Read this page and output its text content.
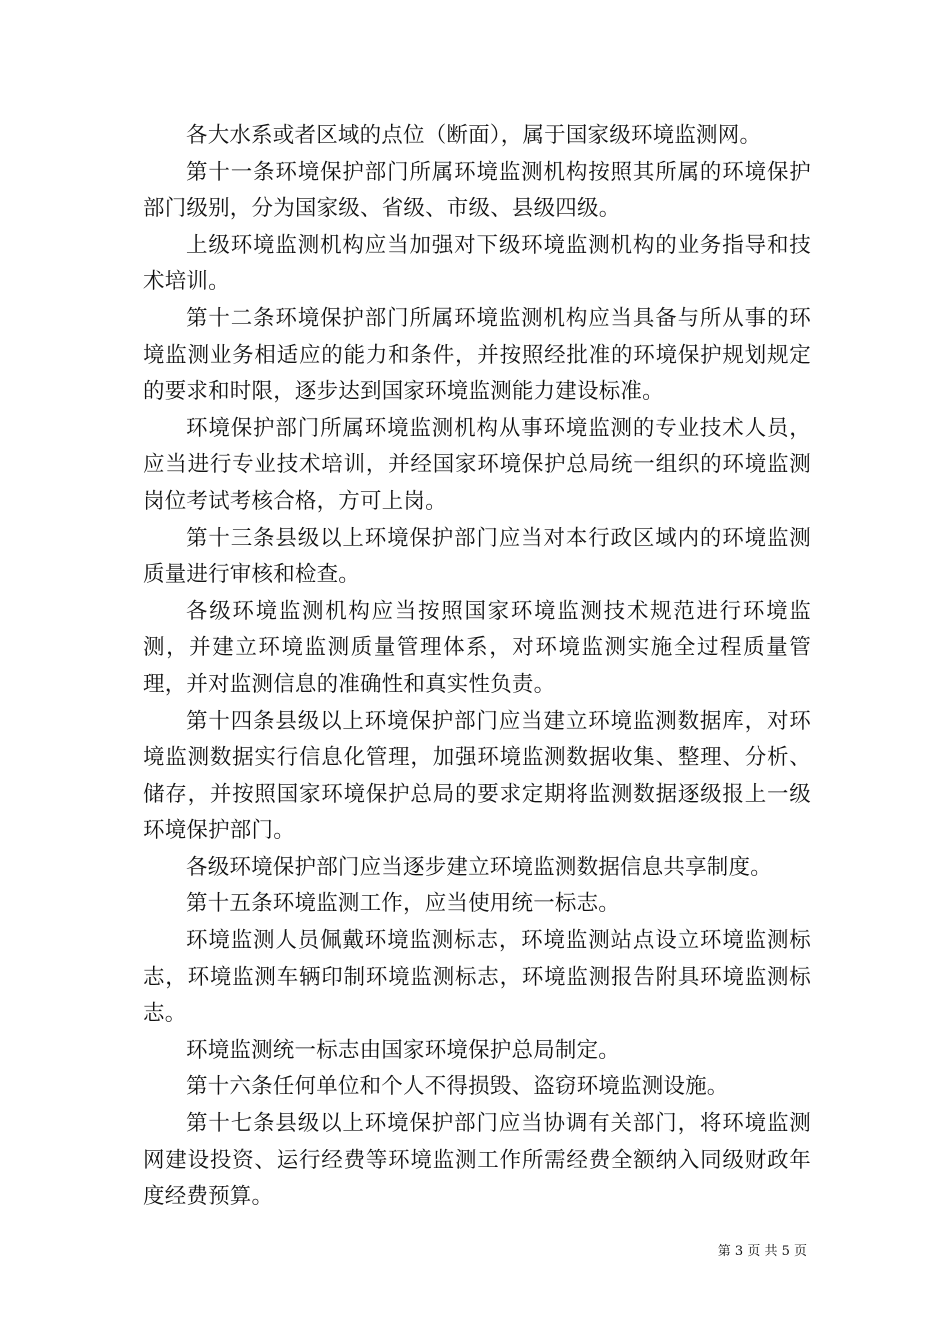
各大水系或者区域的点位（断面），属于国家级环境监测网。

第十一条环境保护部门所属环境监测机构按照其所属的环境保护部门级别，分为国家级、省级、市级、县级四级。

上级环境监测机构应当加强对下级环境监测机构的业务指导和技术培训。

第十二条环境保护部门所属环境监测机构应当具备与所从事的环境监测业务相适应的能力和条件，并按照经批准的环境保护规划规定的要求和时限，逐步达到国家环境监测能力建设标准。

环境保护部门所属环境监测机构从事环境监测的专业技术人员，应当进行专业技术培训，并经国家环境保护总局统一组织的环境监测岗位考试考核合格，方可上岗。

第十三条县级以上环境保护部门应当对本行政区域内的环境监测质量进行审核和检查。

各级环境监测机构应当按照国家环境监测技术规范进行环境监测，并建立环境监测质量管理体系，对环境监测实施全过程质量管理，并对监测信息的准确性和真实性负责。

第十四条县级以上环境保护部门应当建立环境监测数据库，对环境监测数据实行信息化管理，加强环境监测数据收集、整理、分析、储存，并按照国家环境保护总局的要求定期将监测数据逐级报上一级环境保护部门。

各级环境保护部门应当逐步建立环境监测数据信息共享制度。

第十五条环境监测工作，应当使用统一标志。

环境监测人员佩戴环境监测标志，环境监测站点设立环境监测标志，环境监测车辆印制环境监测标志，环境监测报告附具环境监测标志。

环境监测统一标志由国家环境保护总局制定。

第十六条任何单位和个人不得损毁、盗窃环境监测设施。

第十七条县级以上环境保护部门应当协调有关部门，将环境监测网建设投资、运行经费等环境监测工作所需经费全额纳入同级财政年度经费预算。

第 3 页 共 5 页
